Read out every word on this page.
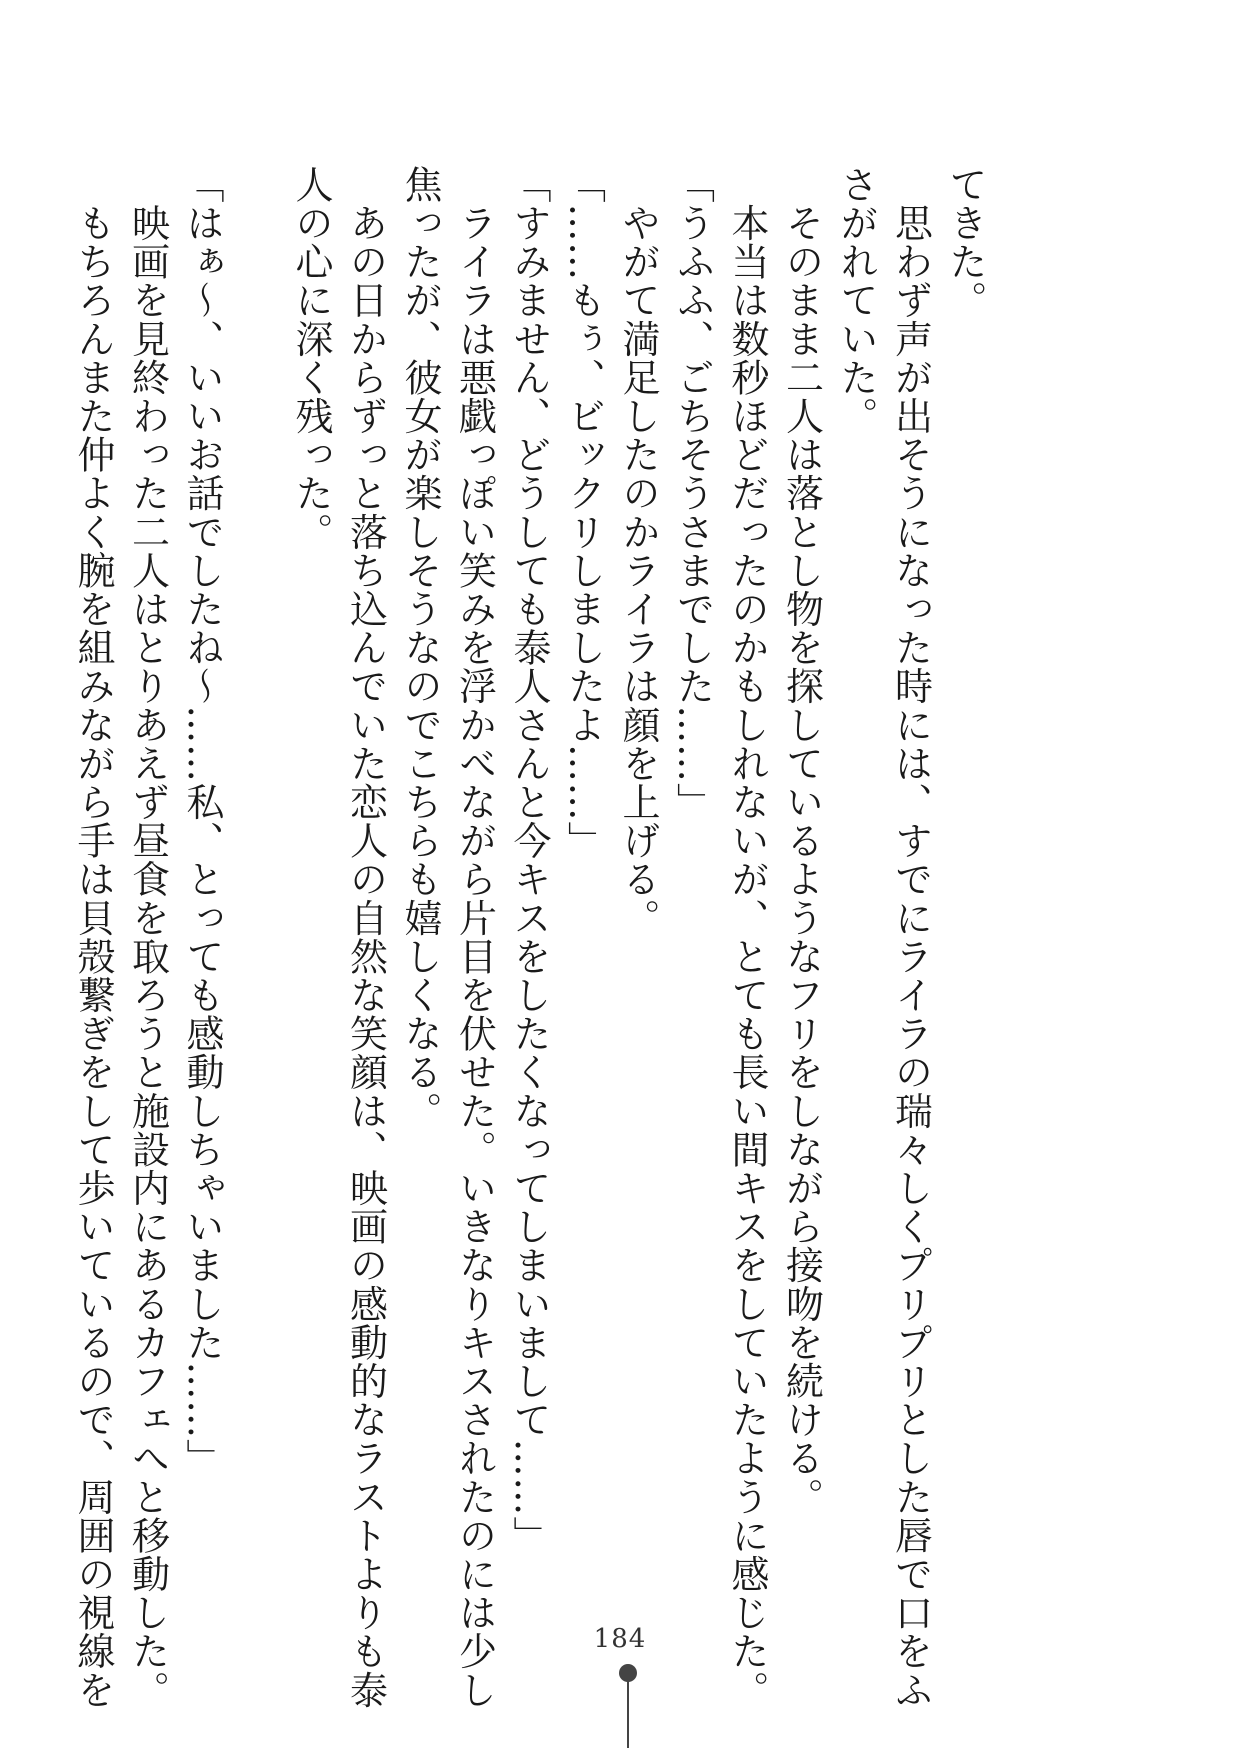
てきた。
　思わず声が出そうになった時には、すでにライラの瑞々しくプリプリとした唇で口をふ
さがれていた。
　そのまま二人は落とし物を探しているようなフリをしながら接吻を続ける。
　本当は数秒ほどだったのかもしれないが、とても長い間キスをしていたように感じた。
「うふふ、ごちそうさまでした……」
　やがて満足したのかライラは顔を上げる。
「……もぅ、ビックリしましたよ……」
「すみません、どうしても泰人さんと今キスをしたくなってしまいまして……」
　ライラは悪戯っぽい笑みを浮かべながら片目を伏せた。いきなりキスされたのには少し
焦ったが、彼女が楽しそうなのでこちらも嬉しくなる。
　あの日からずっと落ち込んでいた恋人の自然な笑顔は、映画の感動的なラストよりも泰
人の心に深く残った。

「はぁ～、いいお話でしたね～……私、とっても感動しちゃいました……」
　映画を見終わった二人はとりあえず昼食を取ろうと施設内にあるカフェへと移動した。
　もちろんまた仲よく腕を組みながら手は貝殻繋ぎをして歩いているので、周囲の視線を	184
